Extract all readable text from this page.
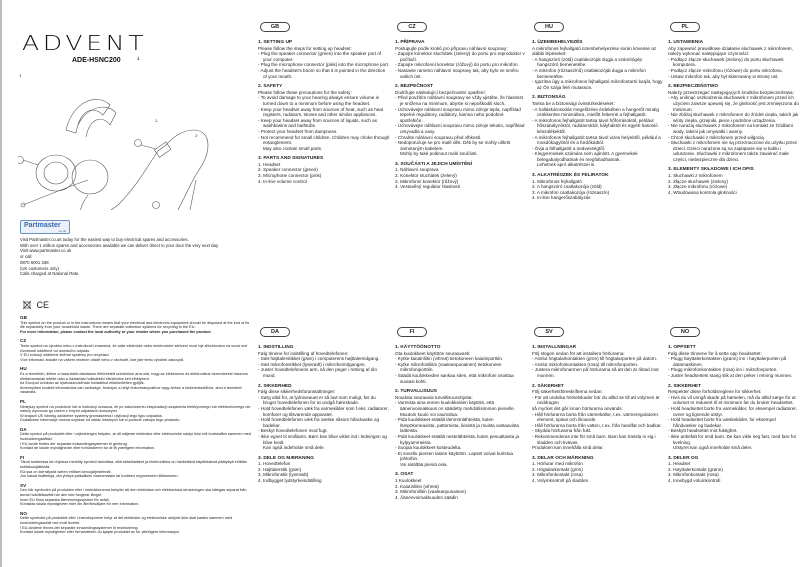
ADVENT
ADE-HSNC200
1
2
3
4
Partmaster
.co.uk
Visit Partmaster.co.uk today for the easiest way to buy electrical spares and accessories.
With over 1 million spares and accessories available we can deliver direct to your door the very next day.
Visit www.partmaster.co.uk
or call
0870 6001 338
(UK customers only)
Calls charged at National Rate.
CE
GB
This symbol on the product or in the instructions means that your electrical and electronic equipment should be disposed at the end of its life separately from your household waste. There are separate collection systems for recycling in the EU.
For more information, please contact the local authority or your retailer where you purchased the product.
CZ
Tento symbol na výrobku nebo v instrukcích znamená, že vaše elektrické nebo elektronické zařízení musí být zlikvidováno na konci své životnosti odděleně od domácího odpadu.
V EU existují oddělené sběrné systémy pro recyklaci.
Více informací získáte na vašem místním úřadě nebo v obchodě, kde jste tento výrobek zakoupili.
HU
Ez a termékén, illetve a használati utasításon feltüntetett szimbólum arra utal, hogy az elektromos és elektronikus berendezést hasznos élettartamának letelte után a háztartási hulladéktól elkülönítve kell elhelyezni.
Az Európai Unióban az újrahasznosítható hulladékot elkülönítetten gyűjtik.
Amennyiben további információra van szüksége, forduljon a helyi önkormányzathoz vagy ahhoz a kiskereskedőhöz, ahol a terméket vásárolta.
PL
Niniejszy symbol na produkcie lub w instrukcji oznacza, że po zakończeniu eksploatacji urządzenia elektrycznego lub elektronicznego nie należy wyrzucać go razem z innymi odpadami domowymi.
W krajach UE istnieją oddzielne systemy gromadzenia i utylizacji tego typu odpadów.
Dodatkowe informacje można uzyskać od władz lokalnych lub w punkcie zakupu tego produktu.
DA
Dette symbol på produktet eller i vejledningen betyder, at dit udtjente elektriske eller elektroniske udstyr ikke må bortskaffes sammen med husholdningsaffald.
I EU-lande findes der separate indsamlingssystemer til genbrug.
Kontakt de lokale myndigheder eller forhandleren for at få yderligere information.
FI
Tämä tuotteessa tai ohjeissa merkitty symboli tarkoittaa, että sähkölaitteet ja elektroniikka on hävitettävä käyttöikänsä päätyttyä erillään kotitalousjätteistä.
EU:ssa on kierrätystä varten erilliset keruujärjestelmät.
Jos haluat lisätietoja, ota yhteys paikallisiin viranomaisiin tai tuotteen myyneeseen liikkeeseen.
SV
Den här symbolen på produkten eller i instruktionerna betyder att den elektriska och elektroniska utrustningen ska slängas separat från annat hushållsavfall när den inte fungerar längre.
Inom EU finns separata återvinningssystem för avfall.
Kontakta lokala myndigheter eller din återförsäljare för mer information.
NO
Dette symbolet på produktet eller i instruksjonene betyr at det elektriske og elektroniske utstyret ikke skal kastes sammen med husholdningsavfall ved endt levetid.
I EU-landene finnes det separate innsamlingssystemer til resirkulering.
Kontakt lokale myndigheter eller forhandleren du kjøpte produktet av for ytterligere informasjon.
GB
1. SETTING UP

Please follow the steps for setting up headset:

- Plug the speaker connector (green) into the speaker port of your computer.

- Plug the microphone connector (pink) into the microphone port.

- Adjust the headset's boom so that it is pointed in the direction of your mouth.

2. SAFETY

Please follow these precautions for the safety:

- To avoid damage to your hearing always ensure volume is turned down to a minimum before using the headset.

- Keep your headset away from sources of heat, such as heat registers, radiators, stoves and other similar appliances.

- Keep your headset away from sources of liquids, such as washbasins and bathtubs.

- Protect your headset from dampness.

- Not recommend for small children. Children may choke through entanglement.

May also contain small parts.

3. PARTS AND SIGNATURES

1. Headset

2. Speaker connector (green)

3. Microphone connector (pink)

4. In-line volume control

CZ
1. PŘÍPRAVA

Postupujte podle kroků pro přípravu náhlavní soupravy:

- Zapojte konektor sluchátek (zelený) do portu pro reproduktor v počítači.

- Zapojte mikrofonní konektor (růžový) do portu pro mikrofon.

- Nastavte rameno náhlavní soupravy tak, aby bylo ve směru vašich úst.

2. BEZPEČNOST

Dodržujte následující bezpečnostní opatření:

- Před použitím náhlavní soupravy se vždy ujistěte, že hlasitost je snížena na minimum, abyste si nepoškodili sluch.

- Uchovávejte náhlavní soupravu mimo zdroje tepla, například tepelné regulátory, radiátory, kamna nebo podobné spotřebiče.

- Uchovávejte náhlavní soupravu mimo zdroje tekutin, například umyvadla a vany.

- Chraňte náhlavní soupravu před vlhkostí.

- Nedoporučuje se pro malé děti. Děti by se mohly uškrtit zamotaným kabelem.

Mohly by také polknout malé součásti.

3. SOUČÁSTI A JEJICH UMÍSTĚNÍ

1. Náhlavní souprava

2. Konektor sluchátek (zelený)

3. Mikrofonní konektor (růžový)

4. Vestavěný regulátor hlasitosti

HU
1. ÜZEMBEHELYEZÉS

A mikrofonos fejhallgató üzembehelyezése során kövesse az alábbi lépéseket:

- A hangszóró (zöld) csatlakozóját dugja a számítógép hangszóró bemenetébe.

- A mikrofon (rózsaszínű) csatlakozóját dugja a mikrofon bemenetébe.

- Igazítsa úgy a mikrofonos fejhallgató mikrofontartó karját, hogy az Ön szája felé mutasson.

2. BIZTONSÁG

Tartsa be a biztonsági óvintézkedéseket:

- A halláskárosodás megelőzése érdekében a hangerőt mindig csökkentse minimálisra, mielőtt feltenné a fejhallgatót.

- A mikrofonos fejhallgatót tartsa távol hőforrásoktól, például hőszabályzóktól, radiátoroktól, kályháktól és egyéb hasonló készülékektől.

- A mikrofonos fejhallgatót tartsa távol vizes helyektől, például a mosdókagylótól és a fürdőkádtól.

- Óvja a fülhallgatót a nedvességtől.

- Kisgyermekek számára nem ajánlott. A gyermekek belegabalyodhatnak és megfulladhatnak.

Lehetnek apró alkatrészei is.

3. ALKATRÉSZEK ÉS FELIRATOK

1. Mikrofonos fejhallgató

2. A hangszóró csatlakozója (zöld)

3. A mikrofon csatlakozója (rózsaszín)

4. In-line hangerőszabályzás

PL
1. USTAWIENIA

Aby zapewnić prawidłowe działanie słuchawek z mikrofonem, należy wykonać następujące czynności:

- Podłącz złącze słuchawek (zielony) do portu słuchawek komputera.

- Podłącz złącze mikrofonu (różowe) do portu mikrofonu.

- Ustaw mikrofon tak, aby był skierowany w stronę ust.

2. BEZPIECZEŃSTWO

Należy przestrzegać następujących środków bezpieczeństwa:

- Aby uniknąć uszkodzenia słuchawek z mikrofonem przed ich użyciem zawsze upewnij się, że głośność jest zmniejszona do minimum.

- Nie zbliżaj słuchawek z mikrofonem do źródeł ciepła, takich jak wloty ciepła, grzejniki, piece i podobne urządzenia.

- Nie narażaj słuchawek z mikrofonem na kontakt ze źródłami wody, takimi jak umywalki i wanny.

- Chroń słuchawki z mikrofonem przed wilgocią.

- Słuchawki z mikrofonem nie są przeznaczone do użytku przez dzieci. Dzieci narażone są na zaplątanie się w kablu i uduszenie. Słuchawki z mikrofonem także zawierać małe części, niebezpieczne dla dzieci.

3. ELEMENTY SKŁADOWE I ICH OPIS

1. Słuchawki z mikrofonem

2. Złącze słuchawek (zielony)

3. Złącze mikrofonu (różowe)

4. Wbudowana kontrola głośności

DA
1. INDSTILLING

Følg trinene for indstilling af hovedtelefonen:

- Sæt højttalerstikket (grøn) i computerens højttalerindgang.

- Sæt mikrofonstikket (lyserødt) i mikrofonindgangen.

- Juster hovedtelefonens arm, så den peger i retning af din mund.

2. SIKKERHED

Følg disse sikkerhedsforanstaltninger:

- Sørg altid for, at lydniveauet er så lavt som muligt, før du bruger hovedtelefonen for at undgå høreskade.

- Hold hovedtelefonen væk fra varmekilder som f.eks. radiatorer, komfurer og tilsvarende apparater.

- Hold hovedtelefonen væk fra væske såsom håndvaske og badekar.

- Beskyt hovedtelefonen mod fugt.

- Ikke egnet til småbørn. Børn kan blive viklet ind i ledningen og blive kvalt.

Kan også indeholde små dele.

3. DELE OG MÆRKNING

1. Hovedtelefon

2. Højttalerstik (grøn)

3. Mikrofonstik (lyserødt)

4. Indbygget lydstyrkeindstilling

FI
1. KÄYTTÖÖNOTTO

Ota kuulokkeet käyttöön seuraavasti:

- Kytke kaiutinliitin (vihreä) tietokoneen kaiutinporttiin.

- Kytke mikrofoniliitin (vaaleanpunainen) tietokoneen mikrofoniporttiin.

- Säädä kuulokkeiden sankaa siten, että mikrofoni osoittaa suutasi kohti.

2. TURVALLISUUS

Noudata seuraavia turvallisuusohjeita:

- Varmista aina ennen kuulokkeiden käyttöä, että äänenvoimakkuus on säädetty mahdollisimman pienelle. Muutoin kuulo voi vaurioitua.

- Pidä kuulokkeet etäällä lämmönlähteistä, kuten lämpökoneavista, pattereista, liesistä ja muista vastaavista laitteista.

- Pidä kuulokkeet etäällä nestelähteistä, kuten pesualtaista ja kylpyammeista.

- Suojaa kuulokkeet kosteudelta.

- Ei sovellu pienten lasten käyttöön. Lapset voivat kuristua johtoihin.

Voi sisältää pieniä osia.

3. OSAT

1 Kuulokkeet

2. Kaiutinliitin (vihreä)

3. Mikrofoniliitin (vaaleanpunainen)

4. Äänenvoimakkuuden säädin

SV
1. INSTALLNINGAR

Följ stegen nedan för att installera hörlurarna:

- Anslut högtalarkontakten (grön) till högtalarporten på datorn.

- Anslut mikrofonkontakten (rosa) till mikrofonporten.

- Justera mikrofonarmen på hörlurarna så att den är riktad mot munnen.

2. SÄKERHET

Följ säkerhetsföreskrifterna nedan:

- För att undvika hörselskador bör du alltid se till att volymen är neddragen

så mycket det går innan hörlurarna används.

- Håll hörlurarna borta från värmekällor, t.ex. värmeregulatorer, element, spisar och liknande.

- Håll hörlurarna borta från vatten, t.ex. från handfat och badkar.

- Skydda hörlurarna från fukt.

- Rekommenderas inte för små barn. Barn kan trassla in sig i sladden och kvävas.

Produkten kan innehålla små delar.

3. DELAR OCH MÄRKNING

1. Hörlurar med mikrofon

2. Högtalarkontakt (grön)

3. Mikrofonkontakt (rosa)

4. Volymkontroll på sladden

NO
1. OPPSETT

Følg disse trinnene for å sette opp headsettet:

- Plugg høyttalerkontakten (grønn) inn i høyttalerporten på datamaskinen.

- Plugg mikrofonkontakten (rosa) inn i mikrofonporten.

- Juster headsettets stang slik at den peker i retning munnen.

2. SIKKERHET

Respekter disse forholdsreglene for sikkerhet:

- Hvis du vil unngå skade på hørselen, må du alltid sørge for at volumet er redusert til et minimum før du bruker headsettet.

- Hold headsettet borte fra varmekilder, for eksempel radiatorer, ovner og lignende utstyr.

- Hold headsettet borte fra væskekilder, for eksempel håndvasker og badekar.

- Beskytt headsettet mot fuktighet.

- Ikke anbefalt for små barn. De kan vikle seg fast, med fare for kvelning.

Utstyret kan også inneholde små deler.

3. DELER OG

1. Headset

2. Høyttalerkontakt (grønn)

3. Mikrofonkontakt (rosa)

4. Innebygd volumkontroll
